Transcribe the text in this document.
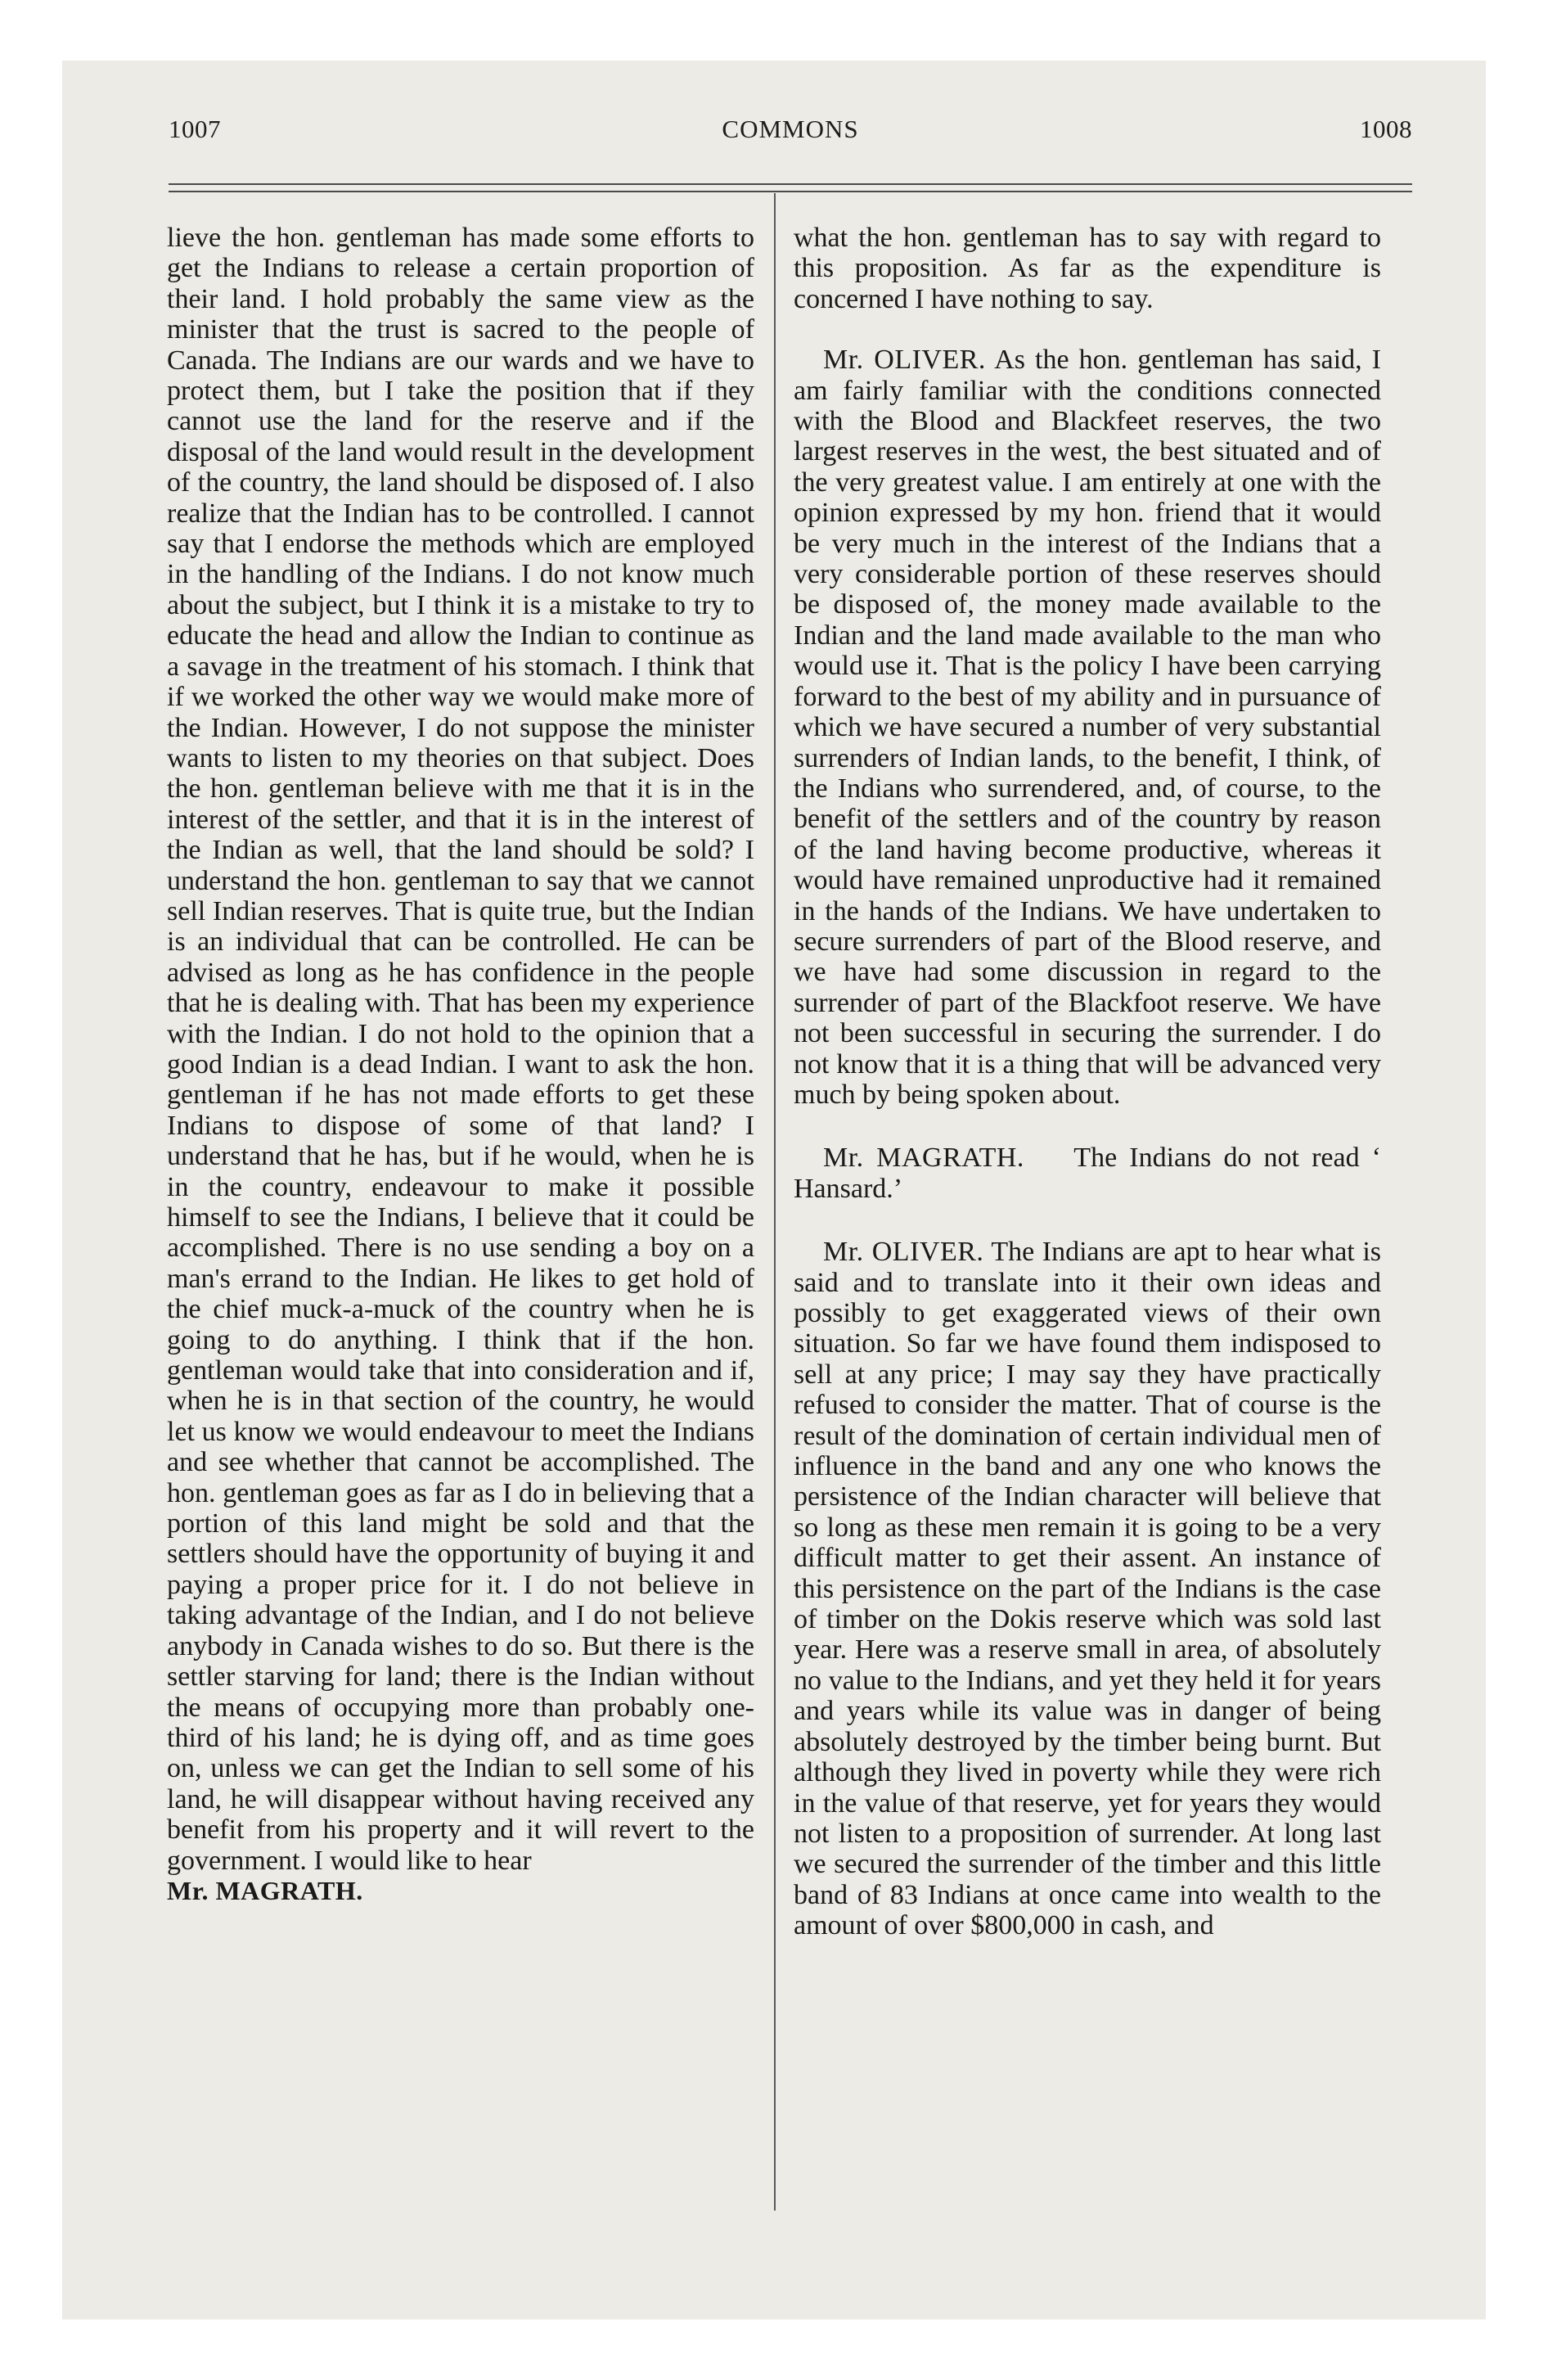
1007	COMMONS	1008

lieve the hon. gentleman has made some efforts to get the Indians to release a certain proportion of their land. I hold probably the same view as the minister that the trust is sacred to the people of Canada. The Indians are our wards and we have to protect them, but I take the position that if they cannot use the land for the reserve and if the disposal of the land would result in the development of the country, the land should be disposed of. I also realize that the Indian has to be controlled. I cannot say that I endorse the methods which are employed in the handling of the Indians. I do not know much about the subject, but I think it is a mistake to try to educate the head and allow the Indian to continue as a savage in the treatment of his stomach. I think that if we worked the other way we would make more of the Indian. However, I do not suppose the minister wants to listen to my theories on that subject. Does the hon. gentleman believe with me that it is in the interest of the settler, and that it is in the interest of the Indian as well, that the land should be sold? I understand the hon. gentleman to say that we cannot sell Indian reserves. That is quite true, but the Indian is an individual that can be controlled. He can be advised as long as he has confidence in the people that he is dealing with. That has been my experience with the Indian. I do not hold to the opinion that a good Indian is a dead Indian. I want to ask the hon. gentleman if he has not made efforts to get these Indians to dispose of some of that land? I understand that he has, but if he would, when he is in the country, endeavour to make it possible himself to see the Indians, I believe that it could be accomplished. There is no use sending a boy on a man's errand to the Indian. He likes to get hold of the chief muck-a-muck of the country when he is going to do anything. I think that if the hon. gentleman would take that into consideration and if, when he is in that section of the country, he would let us know we would endeavour to meet the Indians and see whether that cannot be accomplished. The hon. gentleman goes as far as I do in believing that a portion of this land might be sold and that the settlers should have the opportunity of buying it and paying a proper price for it. I do not believe in taking advantage of the Indian, and I do not believe anybody in Canada wishes to do so. But there is the settler starving for land; there is the Indian without the means of occupying more than probably one-third of his land; he is dying off, and as time goes on, unless we can get the Indian to sell some of his land, he will disappear without having received any benefit from his property and it will revert to the government. I would like to hear

Mr. MAGRATH.

what the hon. gentleman has to say with regard to this proposition. As far as the expenditure is concerned I have nothing to say.

Mr. OLIVER. As the hon. gentleman has said, I am fairly familiar with the conditions connected with the Blood and Blackfeet reserves, the two largest reserves in the west, the best situated and of the very greatest value. I am entirely at one with the opinion expressed by my hon. friend that it would be very much in the interest of the Indians that a very considerable portion of these reserves should be disposed of, the money made available to the Indian and the land made available to the man who would use it. That is the policy I have been carrying forward to the best of my ability and in pursuance of which we have secured a number of very substantial surrenders of Indian lands, to the benefit, I think, of the Indians who surrendered, and, of course, to the benefit of the settlers and of the country by reason of the land having become productive, whereas it would have remained unproductive had it remained in the hands of the Indians. We have undertaken to secure surrenders of part of the Blood reserve, and we have had some discussion in regard to the surrender of part of the Blackfoot reserve. We have not been successful in securing the surrender. I do not know that it is a thing that will be advanced very much by being spoken about.

Mr. MAGRATH. The Indians do not read ‘ Hansard.’

Mr. OLIVER. The Indians are apt to hear what is said and to translate into it their own ideas and possibly to get exaggerated views of their own situation. So far we have found them indisposed to sell at any price; I may say they have practically refused to consider the matter. That of course is the result of the domination of certain individual men of influence in the band and any one who knows the persistence of the Indian character will believe that so long as these men remain it is going to be a very difficult matter to get their assent. An instance of this persistence on the part of the Indians is the case of timber on the Dokis reserve which was sold last year. Here was a reserve small in area, of absolutely no value to the Indians, and yet they held it for years and years while its value was in danger of being absolutely destroyed by the timber being burnt. But although they lived in poverty while they were rich in the value of that reserve, yet for years they would not listen to a proposition of surrender. At long last we secured the surrender of the timber and this little band of 83 Indians at once came into wealth to the amount of over $800,000 in cash, and
